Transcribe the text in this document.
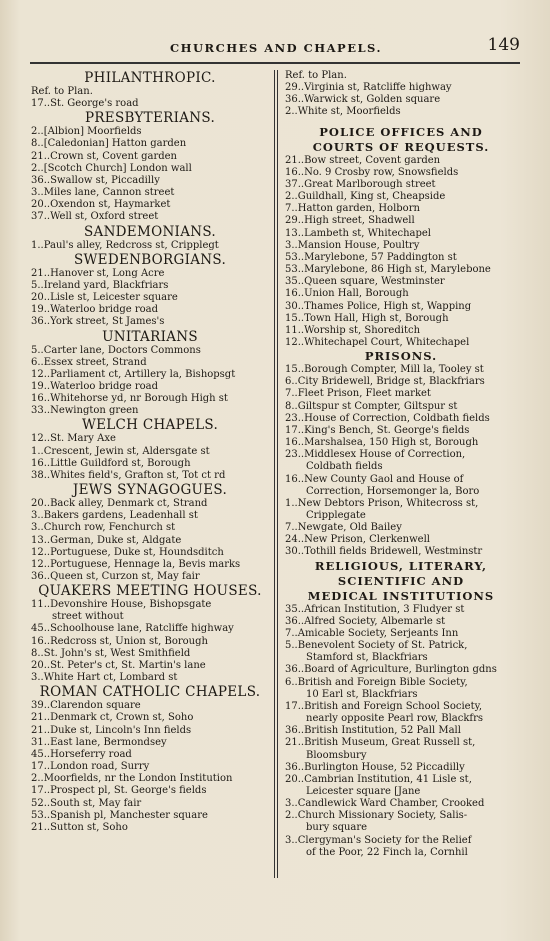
CHURCHES AND CHAPELS.	149
PHILANTHROPIC.
Ref. to Plan.
17..St. George's road
PRESBYTERIANS.
2..[Albion] Moorfields
8..[Caledonian] Hatton garden
21..Crown st, Covent garden
2..[Scotch Church] London wall
36..Swallow st, Piccadilly
3..Miles lane, Cannon street
20..Oxendon st, Haymarket
37..Well st, Oxford street
SANDEMONIANS.
1..Paul's alley, Redcross st, Cripplegt
SWEDENBORGIANS.
21..Hanover st, Long Acre
5..Ireland yard, Blackfriars
20..Lisle st, Leicester square
19..Waterloo bridge road
36..York street, St James's
UNITARIANS
5..Carter lane, Doctors Commons
6..Essex street, Strand
12..Parliament ct, Artillery la, Bishopsgt
19..Waterloo bridge road
16..Whitehorse yd, nr Borough High st
33..Newington green
WELCH CHAPELS.
12..St. Mary Axe
1..Crescent, Jewin st, Aldersgate st
16..Little Guildford st, Borough
38..Whites field's, Grafton st, Tot ct rd
JEWS SYNAGOGUES.
20..Back alley, Denmark ct, Strand
3..Bakers gardens, Leadenhall st
3..Church row, Fenchurch st
13..German, Duke st, Aldgate
12..Portuguese, Duke st, Houndsditch
12..Portuguese, Hennage la, Bevis marks
36..Queen st, Curzon st, May fair
QUAKERS MEETING HOUSES.
11..Devonshire House, Bishopsgate
street without
45..Schoolhouse lane, Ratcliffe highway
16..Redcross st, Union st, Borough
8..St. John's st, West Smithfield
20..St. Peter's ct, St. Martin's lane
3..White Hart ct, Lombard st
ROMAN CATHOLIC CHAPELS.
39..Clarendon square
21..Denmark ct, Crown st, Soho
21..Duke st, Lincoln's Inn fields
31..East lane, Bermondsey
45..Horseferry road
17..London road, Surry
2..Moorfields, nr the London Institution
17..Prospect pl, St. George's fields
52..South st, May fair
53..Spanish pl, Manchester square
21..Sutton st, Soho
Ref. to Plan.
29..Virginia st, Ratcliffe highway
36..Warwick st, Golden square
2..White st, Moorfields
POLICE OFFICES AND
COURTS OF REQUESTS.
21..Bow street, Covent garden
16..No. 9 Crosby row, Snowsfields
37..Great Marlborough street
2..Guildhall, King st, Cheapside
7..Hatton garden, Holborn
29..High street, Shadwell
13..Lambeth st, Whitechapel
3..Mansion House, Poultry
53..Marylebone, 57 Paddington st
53..Marylebone, 86 High st, Marylebone
35..Queen square, Westminster
16..Union Hall, Borough
30..Thames Police, High st, Wapping
15..Town Hall, High st, Borough
11..Worship st, Shoreditch
12..Whitechapel Court, Whitechapel
PRISONS.
15..Borough Compter, Mill la, Tooley st
6..City Bridewell, Bridge st, Blackfriars
7..Fleet Prison, Fleet market
8..Giltspur st Compter, Giltspur st
23..House of Correction, Coldbath fields
17..King's Bench, St. George's fields
16..Marshalsea, 150 High st, Borough
23..Middlesex House of Correction,
Coldbath fields
16..New County Gaol and House of
Correction, Horsemonger la, Boro
1..New Debtors Prison, Whitecross st,
Cripplegate
7..Newgate, Old Bailey
24..New Prison, Clerkenwell
30..Tothill fields Bridewell, Westminstr
RELIGIOUS, LITERARY,
SCIENTIFIC AND
MEDICAL INSTITUTIONS
35..African Institution, 3 Fludyer st
36..Alfred Society, Albemarle st
7..Amicable Society, Serjeants Inn
5..Benevolent Society of St. Patrick,
Stamford st, Blackfriars
36..Board of Agriculture, Burlington gdns
6..British and Foreign Bible Society,
10 Earl st, Blackfriars
17..British and Foreign School Society,
nearly opposite Pearl row, Blackfrs
36..British Institution, 52 Pall Mall
21..British Museum, Great Russell st,
Bloomsbury
36..Burlington House, 52 Piccadilly
20..Cambrian Institution, 41 Lisle st,
Leicester square [Jane
3..Candlewick Ward Chamber, Crooked
2..Church Missionary Society, Salis-
bury square
3..Clergyman's Society for the Relief
of the Poor, 22 Finch la, Cornhil
